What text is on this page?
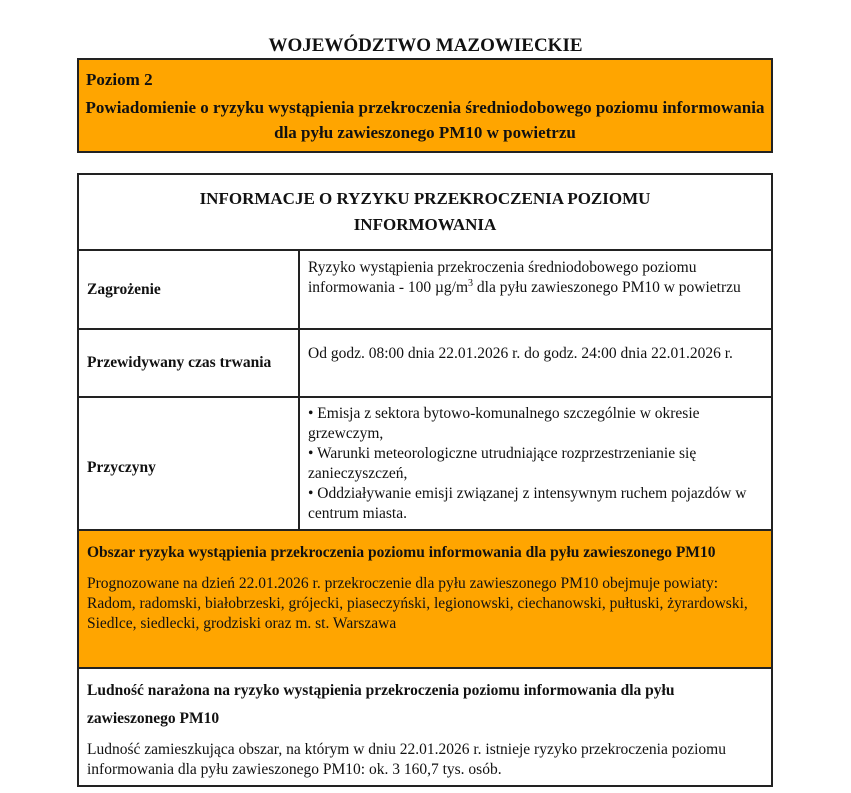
WOJEWÓDZTWO MAZOWIECKIE
Poziom 2
Powiadomienie o ryzyku wystąpienia przekroczenia średniodobowego poziomu informowania dla pyłu zawieszonego PM10 w powietrzu
INFORMACJE O RYZYKU PRZEKROCZENIA POZIOMU INFORMOWANIA
Zagrożenie
Ryzyko wystąpienia przekroczenia średniodobowego poziomu informowania - 100 $\mu g/m^3$ dla pyłu zawieszonego PM10 w powietrzu
Przewidywany czas trwania
Od godz. 08:00 dnia 22.01.2026 r. do godz. 24:00 dnia 22.01.2026 r.
Przyczyny
• Emisja z sektora bytowo-komunalnego szczególnie w okresie grzewczym,
• Warunki meteorologiczne utrudniające rozprzestrzenianie się zanieczyszczeń,
• Oddziaływanie emisji związanej z intensywnym ruchem pojazdów w centrum miasta.
Obszar ryzyka wystąpienia przekroczenia poziomu informowania dla pyłu zawieszonego PM10
Prognozowane na dzień 22.01.2026 r. przekroczenie dla pyłu zawieszonego PM10 obejmuje powiaty: Radom, radomski, białobrzeski, grójecki, piaseczyński, legionowski, ciechanowski, pułtuski, żyrardowski, Siedlce, siedlecki, grodziski oraz m. st. Warszawa
Ludność narażona na ryzyko wystąpienia przekroczenia poziomu informowania dla pyłu zawieszonego PM10
Ludność zamieszkująca obszar, na którym w dniu 22.01.2026 r. istnieje ryzyko przekroczenia poziomu informowania dla pyłu zawieszonego PM10: ok. 3 160,7 tys. osób.
